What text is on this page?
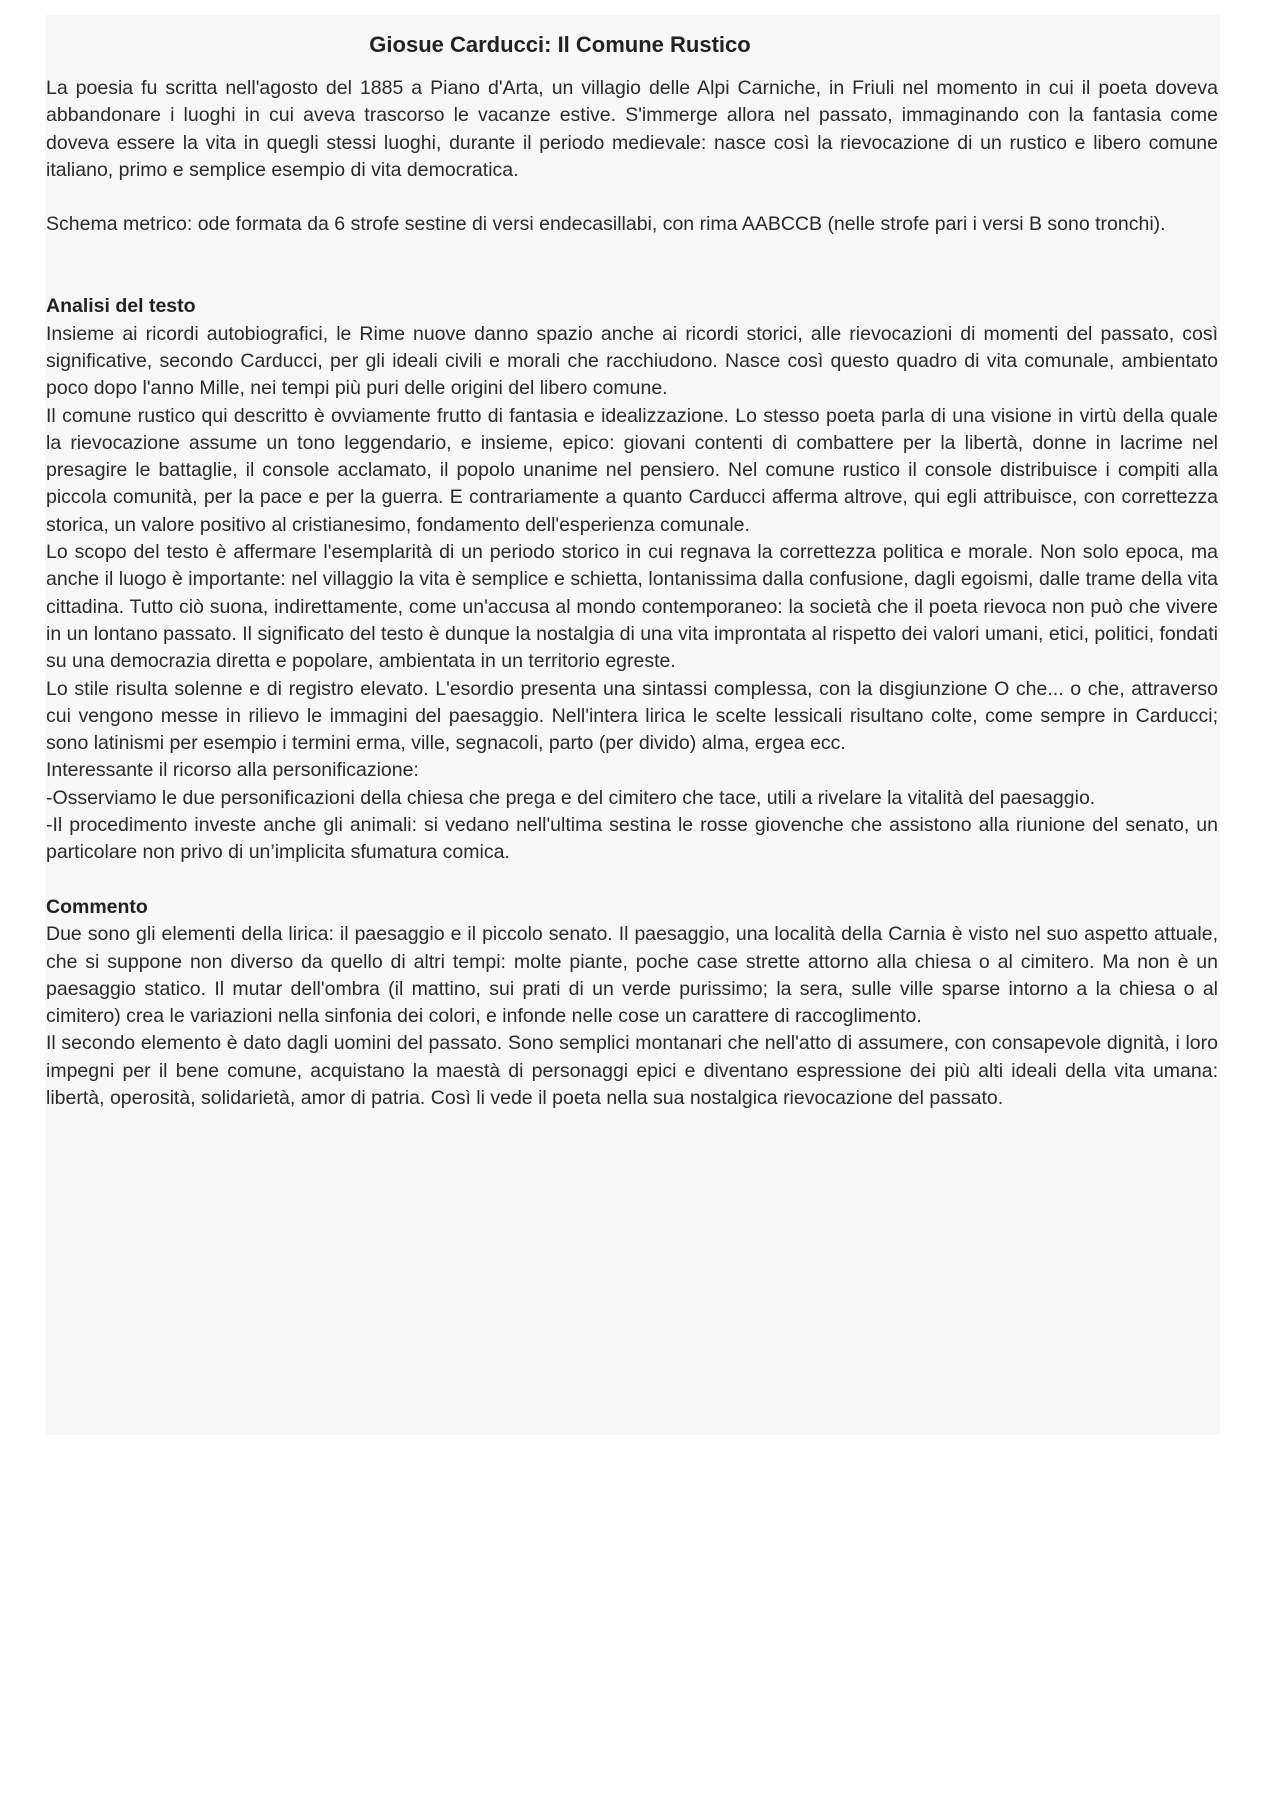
Giosue Carducci: Il Comune Rustico

La poesia fu scritta nell'agosto del 1885 a Piano d'Arta, un villagio delle Alpi Carniche, in Friuli nel momento in cui il poeta doveva abbandonare i luoghi in cui aveva trascorso le vacanze estive. S'immerge allora nel passato, immaginando con la fantasia come doveva essere la vita in quegli stessi luoghi, durante il periodo medievale: nasce così la rievocazione di un rustico e libero comune italiano, primo e semplice esempio di vita democratica.

Schema metrico: ode formata da 6 strofe sestine di versi endecasillabi, con rima AABCCB (nelle strofe pari i versi B sono tronchi).

Analisi del testo

Insieme ai ricordi autobiografici, le Rime nuove danno spazio anche ai ricordi storici, alle rievocazioni di momenti del passato, così significative, secondo Carducci, per gli ideali civili e morali che racchiudono. Nasce così questo quadro di vita comunale, ambientato poco dopo l'anno Mille, nei tempi più puri delle origini del libero comune.

Il comune rustico qui descritto è ovviamente frutto di fantasia e idealizzazione. Lo stesso poeta parla di una visione in virtù della quale la rievocazione assume un tono leggendario, e insieme, epico: giovani contenti di combattere per la libertà, donne in lacrime nel presagire le battaglie, il console acclamato, il popolo unanime nel pensiero. Nel comune rustico il console distribuisce i compiti alla piccola comunità, per la pace e per la guerra. E contrariamente a quanto Carducci afferma altrove, qui egli attribuisce, con correttezza storica, un valore positivo al cristianesimo, fondamento dell'esperienza comunale.

Lo scopo del testo è affermare l'esemplarità di un periodo storico in cui regnava la correttezza politica e morale. Non solo epoca, ma anche il luogo è importante: nel villaggio la vita è semplice e schietta, lontanissima dalla confusione, dagli egoismi, dalle trame della vita cittadina. Tutto ciò suona, indirettamente, come un'accusa al mondo contemporaneo: la società che il poeta rievoca non può che vivere in un lontano passato. Il significato del testo è dunque la nostalgia di una vita improntata al rispetto dei valori umani, etici, politici, fondati su una democrazia diretta e popolare, ambientata in un territorio egreste.

Lo stile risulta solenne e di registro elevato. L'esordio presenta una sintassi complessa, con la disgiunzione O che... o che, attraverso cui vengono messe in rilievo le immagini del paesaggio. Nell'intera lirica le scelte lessicali risultano colte, come sempre in Carducci; sono latinismi per esempio i termini erma, ville, segnacoli, parto (per divido) alma, ergea ecc.

Interessante il ricorso alla personificazione:

-Osserviamo le due personificazioni della chiesa che prega e del cimitero che tace, utili a rivelare la vitalità del paesaggio.

-Il procedimento investe anche gli animali: si vedano nell'ultima sestina le rosse giovenche che assistono alla riunione del senato, un particolare non privo di un’implicita sfumatura comica.

Commento

Due sono gli elementi della lirica: il paesaggio e il piccolo senato. Il paesaggio, una località della Carnia è visto nel suo aspetto attuale, che si suppone non diverso da quello di altri tempi: molte piante, poche case strette attorno alla chiesa o al cimitero. Ma non è un paesaggio statico. Il mutar dell'ombra (il mattino, sui prati di un verde purissimo; la sera, sulle ville sparse intorno a la chiesa o al cimitero) crea le variazioni nella sinfonia dei colori, e infonde nelle cose un carattere di raccoglimento.

Il secondo elemento è dato dagli uomini del passato. Sono semplici montanari che nell'atto di assumere, con consapevole dignità, i loro impegni per il bene comune, acquistano la maestà di personaggi epici e diventano espressione dei più alti ideali della vita umana: libertà, operosità, solidarietà, amor di patria. Così li vede il poeta nella sua nostalgica rievocazione del passato.
